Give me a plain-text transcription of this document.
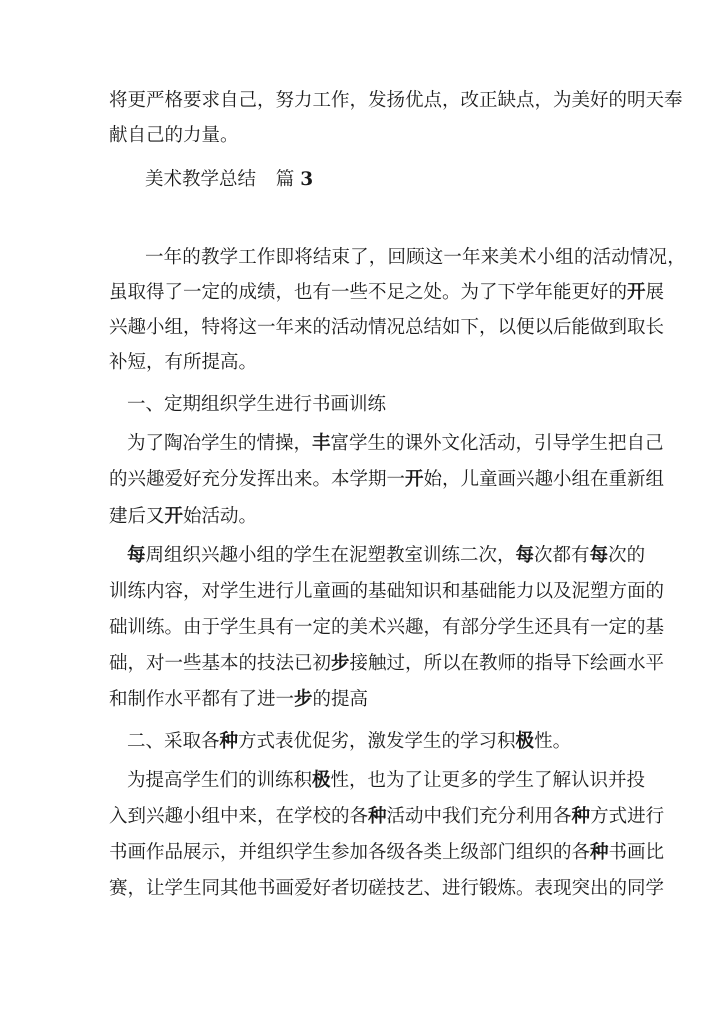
将更严格要求自己，努力工作，发扬优点，改正缺点，为美好的明天奉
献自己的力量。
美术教学总结 篇 3
一年的教学工作即将结束了，回顾这一年来美术小组的活动情况，
虽取得了一定的成绩，也有一些不足之处。为了下学年能更好的开展
兴趣小组，特将这一年来的活动情况总结如下，以便以后能做到取长
补短，有所提高。
一、定期组织学生进行书画训练
为了陶冶学生的情操，丰富学生的课外文化活动，引导学生把自己
的兴趣爱好充分发挥出来。本学期一开始，儿童画兴趣小组在重新组
建后又开始活动。
每周组织兴趣小组的学生在泥塑教室训练二次，每次都有每次的
训练内容，对学生进行儿童画的基础知识和基础能力以及泥塑方面的
础训练。由于学生具有一定的美术兴趣，有部分学生还具有一定的基
础，对一些基本的技法已初步接触过，所以在教师的指导下绘画水平
和制作水平都有了进一步的提高
二、采取各种方式表优促劣，激发学生的学习积极性。
为提高学生们的训练积极性，也为了让更多的学生了解认识并投
入到兴趣小组中来，在学校的各种活动中我们充分利用各种方式进行
书画作品展示，并组织学生参加各级各类上级部门组织的各种书画比
赛，让学生同其他书画爱好者切磋技艺、进行锻炼。表现突出的同学
